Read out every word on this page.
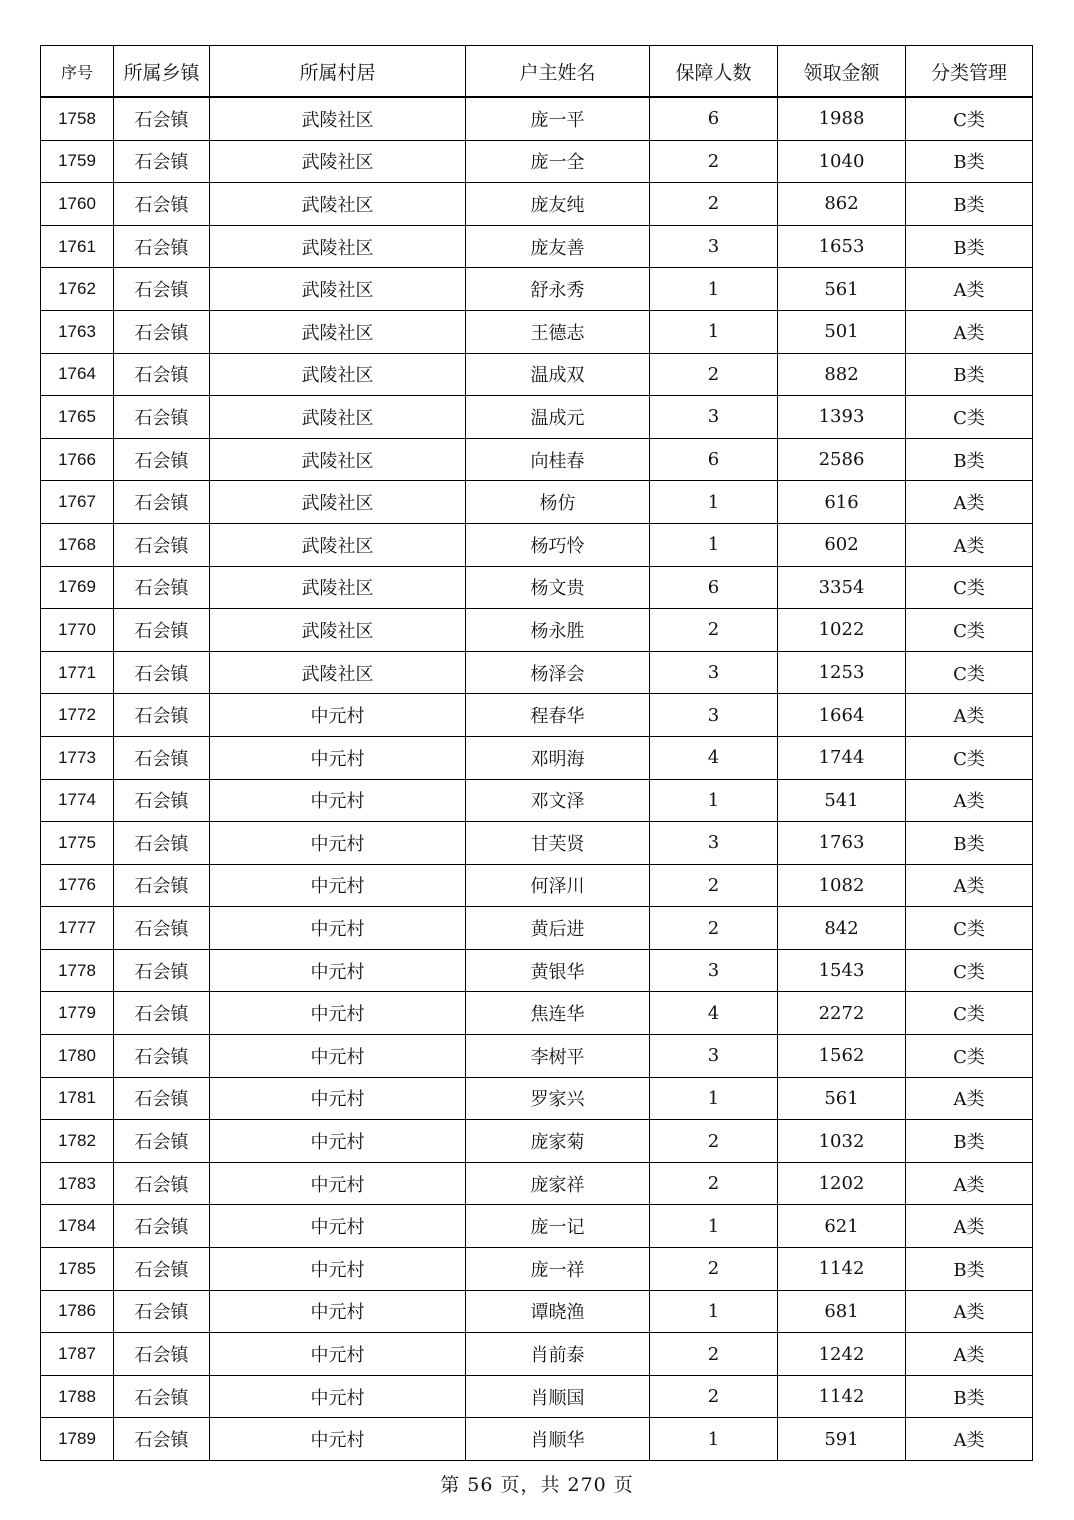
序号	所属乡镇	所属村居	户主姓名	保障人数	领取金额	分类管理
1758	石会镇	武陵社区	庞一平	6	1988	C类
1759	石会镇	武陵社区	庞一全	2	1040	B类
1760	石会镇	武陵社区	庞友纯	2	862	B类
1761	石会镇	武陵社区	庞友善	3	1653	B类
1762	石会镇	武陵社区	舒永秀	1	561	A类
1763	石会镇	武陵社区	王德志	1	501	A类
1764	石会镇	武陵社区	温成双	2	882	B类
1765	石会镇	武陵社区	温成元	3	1393	C类
1766	石会镇	武陵社区	向桂春	6	2586	B类
1767	石会镇	武陵社区	杨仿	1	616	A类
1768	石会镇	武陵社区	杨巧怜	1	602	A类
1769	石会镇	武陵社区	杨文贵	6	3354	C类
1770	石会镇	武陵社区	杨永胜	2	1022	C类
1771	石会镇	武陵社区	杨泽会	3	1253	C类
1772	石会镇	中元村	程春华	3	1664	A类
1773	石会镇	中元村	邓明海	4	1744	C类
1774	石会镇	中元村	邓文泽	1	541	A类
1775	石会镇	中元村	甘芙贤	3	1763	B类
1776	石会镇	中元村	何泽川	2	1082	A类
1777	石会镇	中元村	黄后进	2	842	C类
1778	石会镇	中元村	黄银华	3	1543	C类
1779	石会镇	中元村	焦连华	4	2272	C类
1780	石会镇	中元村	李树平	3	1562	C类
1781	石会镇	中元村	罗家兴	1	561	A类
1782	石会镇	中元村	庞家菊	2	1032	B类
1783	石会镇	中元村	庞家祥	2	1202	A类
1784	石会镇	中元村	庞一记	1	621	A类
1785	石会镇	中元村	庞一祥	2	1142	B类
1786	石会镇	中元村	谭晓渔	1	681	A类
1787	石会镇	中元村	肖前泰	2	1242	A类
1788	石会镇	中元村	肖顺国	2	1142	B类
1789	石会镇	中元村	肖顺华	1	591	A类
第 56 页，共 270 页
